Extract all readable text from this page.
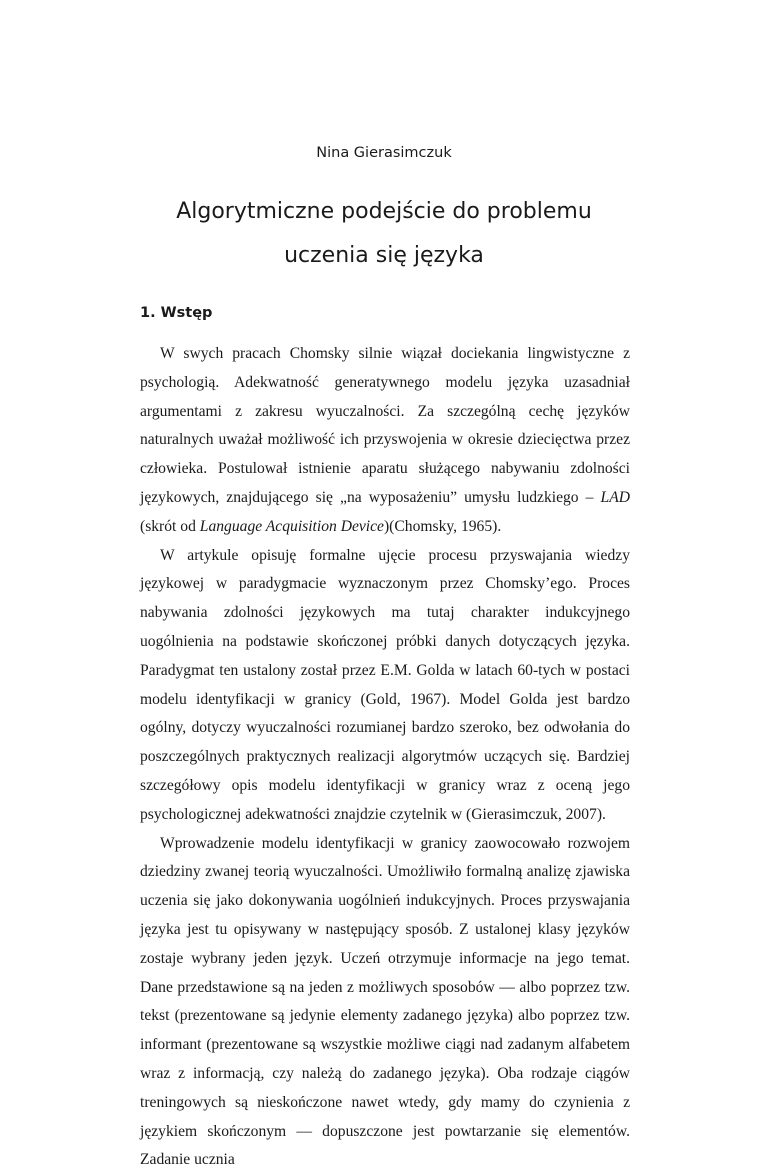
Nina Gierasimczuk
Algorytmiczne podejście do problemu uczenia się języka
1. Wstęp

W swych pracach Chomsky silnie wiązał dociekania lingwistyczne z psychologią. Adekwatność generatywnego modelu języka uzasadniał argumentami z zakresu wyuczalności. Za szczególną cechę języków naturalnych uważał możliwość ich przyswojenia w okresie dziecięctwa przez człowieka. Postulował istnienie aparatu służącego nabywaniu zdolności językowych, znajdującego się „na wyposażeniu” umysłu ludzkiego – LAD (skrót od Language Acquisition Device)(Chomsky, 1965).

W artykule opisuję formalne ujęcie procesu przyswajania wiedzy językowej w paradygmacie wyznaczonym przez Chomsky’ego. Proces nabywania zdolności językowych ma tutaj charakter indukcyjnego uogólnienia na podstawie skończonej próbki danych dotyczących języka. Paradygmat ten ustalony został przez E.M. Golda w latach 60-tych w postaci modelu identyfikacji w granicy (Gold, 1967). Model Golda jest bardzo ogólny, dotyczy wyuczalności rozumianej bardzo szeroko, bez odwołania do poszczególnych praktycznych realizacji algorytmów uczących się. Bardziej szczegółowy opis modelu identyfikacji w granicy wraz z oceną jego psychologicznej adekwatności znajdzie czytelnik w (Gierasimczuk, 2007).

Wprowadzenie modelu identyfikacji w granicy zaowocowało rozwojem dziedziny zwanej teorią wyuczalności. Umożliwiło formalną analizę zjawiska uczenia się jako dokonywania uogólnień indukcyjnych. Proces przyswajania języka jest tu opisywany w następujący sposób. Z ustalonej klasy języków zostaje wybrany jeden język. Uczeń otrzymuje informacje na jego temat. Dane przedstawione są na jeden z możliwych sposobów — albo poprzez tzw. tekst (prezentowane są jedynie elementy zadanego języka) albo poprzez tzw. informant (prezentowane są wszystkie możliwe ciągi nad zadanym alfabetem wraz z informacją, czy należą do zadanego języka). Oba rodzaje ciągów treningowych są nieskończone nawet wtedy, gdy mamy do czynienia z językiem skończonym — dopuszczone jest powtarzanie się elementów. Zadanie ucznia
